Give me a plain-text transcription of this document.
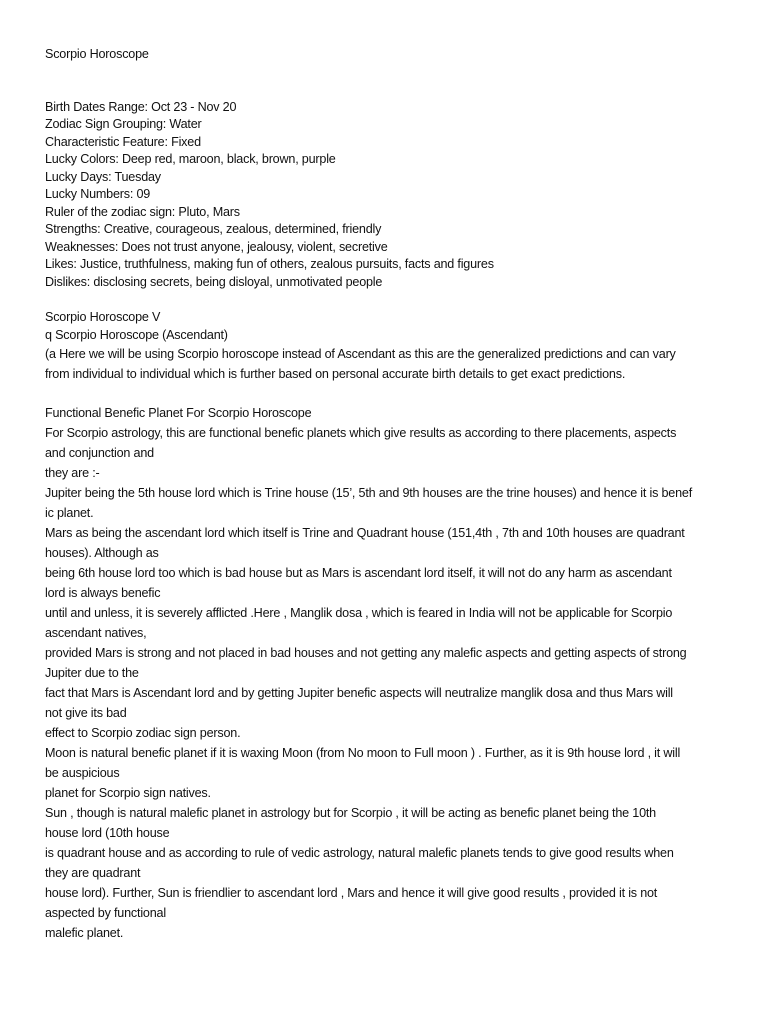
Scorpio Horoscope
Birth Dates Range: Oct 23 - Nov 20
Zodiac Sign Grouping: Water
Characteristic Feature: Fixed
Lucky Colors: Deep red, maroon, black, brown, purple
Lucky Days: Tuesday
Lucky Numbers: 09
Ruler of the zodiac sign: Pluto, Mars
Strengths: Creative, courageous, zealous, determined, friendly
Weaknesses: Does not trust anyone, jealousy, violent, secretive
Likes: Justice, truthfulness, making fun of others, zealous pursuits, facts and figures
Dislikes: disclosing secrets, being disloyal, unmotivated people
Scorpio Horoscope V
q Scorpio Horoscope (Ascendant)
(a Here we will be using Scorpio horoscope instead of Ascendant as this are the generalized predictions and can vary
from individual to individual which is further based on personal accurate birth details to get exact predictions.
Functional Benefic Planet For Scorpio Horoscope
For Scorpio astrology, this are functional benefic planets which give results as according to there placements, aspects
and conjunction and
they are :-
Jupiter being the 5th house lord which is Trine house (15’, 5th and 9th houses are the trine houses) and hence it is benef
ic planet.
Mars as being the ascendant lord which itself is Trine and Quadrant house (151,4th , 7th and 10th houses are quadrant
houses). Although as
being 6th house lord too which is bad house but as Mars is ascendant lord itself, it will not do any harm as ascendant
lord is always benefic
until and unless, it is severely afflicted .Here , Manglik dosa , which is feared in India will not be applicable for Scorpio
ascendant natives,
provided Mars is strong and not placed in bad houses and not getting any malefic aspects and getting aspects of strong
Jupiter due to the
fact that Mars is Ascendant lord and by getting Jupiter benefic aspects will neutralize manglik dosa and thus Mars will
not give its bad
effect to Scorpio zodiac sign person.
Moon is natural benefic planet if it is waxing Moon (from No moon to Full moon ) . Further, as it is 9th house lord , it will
be auspicious
planet for Scorpio sign natives.
Sun , though is natural malefic planet in astrology but for Scorpio , it will be acting as benefic planet being the 10th
house lord (10th house
is quadrant house and as according to rule of vedic astrology, natural malefic planets tends to give good results when
they are quadrant
house lord). Further, Sun is friendlier to ascendant lord , Mars and hence it will give good results , provided it is not
aspected by functional
malefic planet.
